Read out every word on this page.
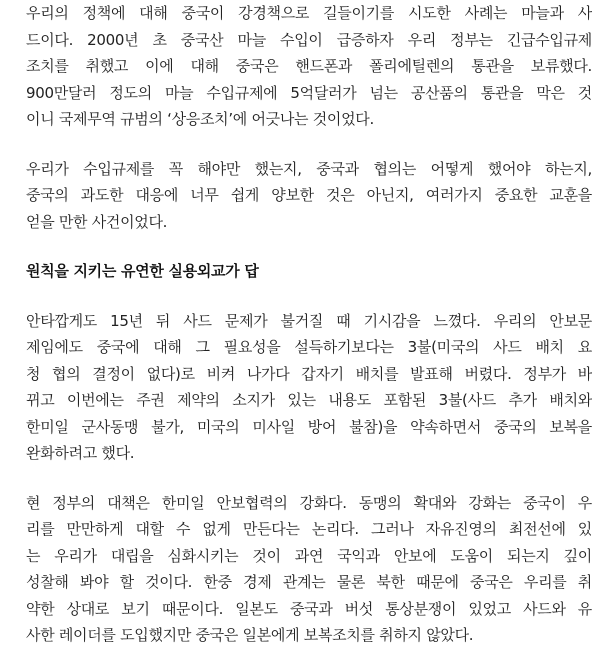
우리의 정책에 대해 중국이 강경책으로 길들이기를 시도한 사례는 마늘과 사
드이다. 2000년 초 중국산 마늘 수입이 급증하자 우리 정부는 긴급수입규제
조치를 취했고 이에 대해 중국은 핸드폰과 폴리에틸렌의 통관을 보류했다.
900만달러 정도의 마늘 수입규제에 5억달러가 넘는 공산품의 통관을 막은 것
이니 국제무역 규범의 ‘상응조치’에 어긋나는 것이었다.
우리가 수입규제를 꼭 해야만 했는지, 중국과 협의는 어떻게 했어야 하는지,
중국의 과도한 대응에 너무 쉽게 양보한 것은 아닌지, 여러가지 중요한 교훈을
얻을 만한 사건이었다.
원칙을 지키는 유연한 실용외교가 답
안타깝게도 15년 뒤 사드 문제가 불거질 때 기시감을 느꼈다. 우리의 안보문
제임에도 중국에 대해 그 필요성을 설득하기보다는 3불(미국의 사드 배치 요
청 협의 결정이 없다)로 비켜 나가다 갑자기 배치를 발표해 버렸다. 정부가 바
뀌고 이번에는 주권 제약의 소지가 있는 내용도 포함된 3불(사드 추가 배치와
한미일 군사동맹 불가, 미국의 미사일 방어 불참)을 약속하면서 중국의 보복을
완화하려고 했다.
현 정부의 대책은 한미일 안보협력의 강화다. 동맹의 확대와 강화는 중국이 우
리를 만만하게 대할 수 없게 만든다는 논리다. 그러나 자유진영의 최전선에 있
는 우리가 대립을 심화시키는 것이 과연 국익과 안보에 도움이 되는지 깊이
성찰해 봐야 할 것이다. 한중 경제 관계는 물론 북한 때문에 중국은 우리를 취
약한 상대로 보기 때문이다. 일본도 중국과 버섯 통상분쟁이 있었고 사드와 유
사한 레이더를 도입했지만 중국은 일본에게 보복조치를 취하지 않았다.
